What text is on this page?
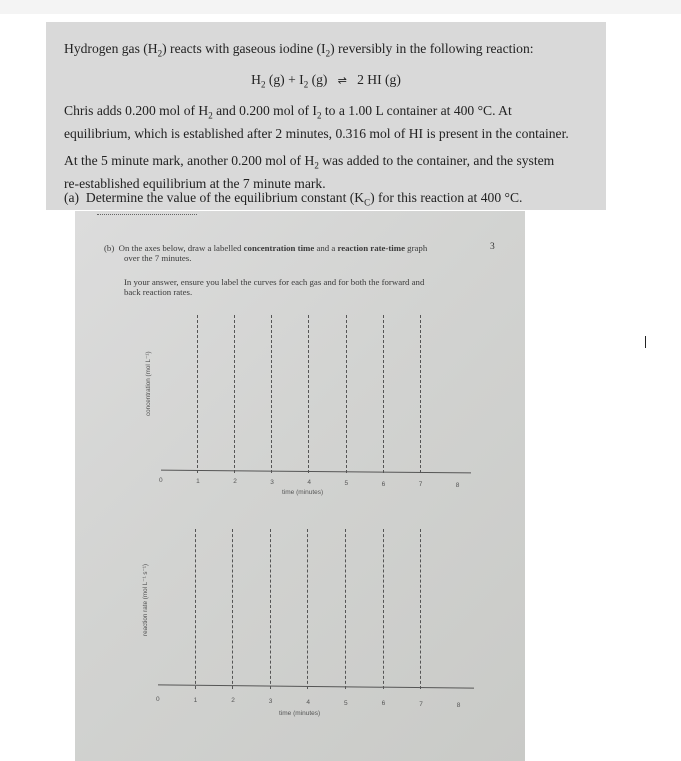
Hydrogen gas $(H_2)$ reacts with gaseous iodine $(I_2)$ reversibly in the following reaction:
$H_2$ $(g) + I_2$ (g) ⇌ 2 HI (g)
Chris adds 0.200 mol of $H_2$ and 0.200 mol of $I_2$ to a 1.00 L container at 400 °C. At
equilibrium, which is established after 2 minutes, 0.316 mol of HI is present in the container.
At the 5 minute mark, another 0.200 mol of $H_2$ was added to the container, and the system
re-established equilibrium at the 7 minute mark.
(a) Determine the value of the equilibrium constant $(K_C)$ for this reaction at 400 °C.
(b) On the axes below, draw a labelled concentration time and a reaction rate-time graph
over the 7 minutes.
3
In your answer, ensure you label the curves for each gas and for both the forward and
back reaction rates.
concentration (mol L⁻¹)
time (minutes)
0	1	2	3	4	5	6	7	8
reaction rate (mol L⁻¹ s⁻¹)
time (minutes)
0	1	2	3	4	5	6	7	8
